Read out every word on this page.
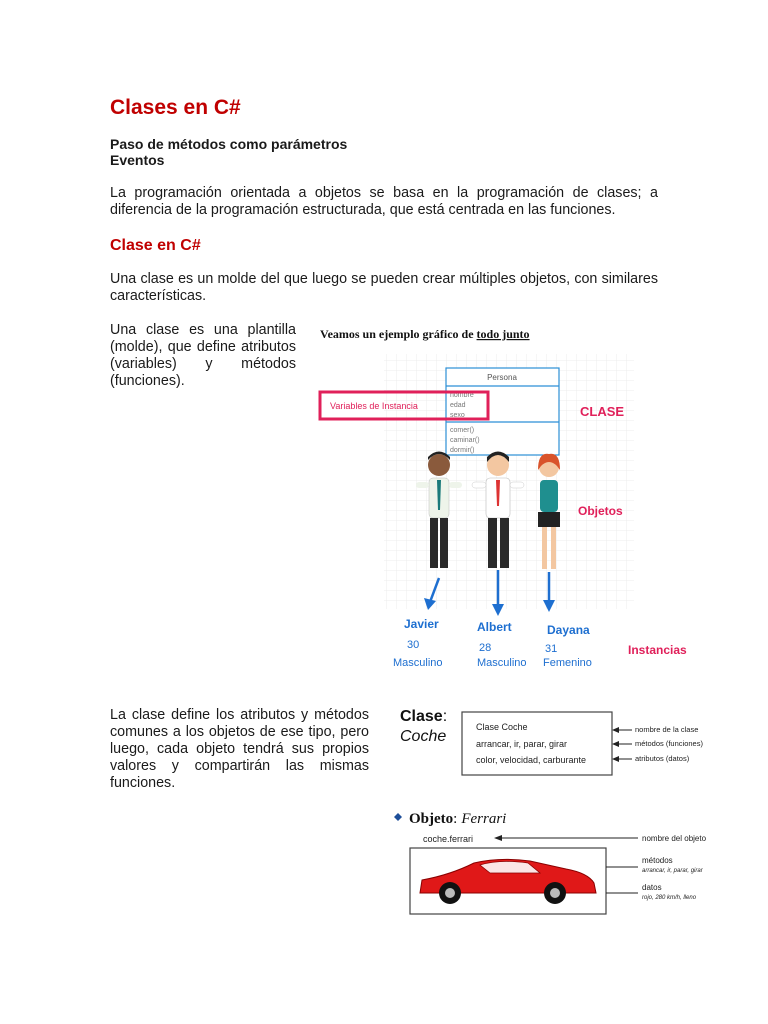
Clases en C#
Paso de métodos como parámetros
Eventos
La programación orientada a objetos se basa en la programación de clases; a diferencia de la programación estructurada, que está centrada en las funciones.
Clase en C#
Una clase es un molde del que luego se pueden crear múltiples objetos, con similares características.
Una clase es una plantilla (molde), que define atributos (variables) y métodos (funciones).
La clase define los atributos y métodos comunes a los objetos de ese tipo, pero luego, cada objeto tendrá sus propios valores y compartirán las mismas funciones.
Veamos un ejemplo gráfico de todo junto
Persona
nombre
edad
sexo
comer()
caminar()
dormir()
Variables de Instancia	CLASE
Objetos
Javier
30
Masculino
Albert
28
Masculino
Dayana
31
Femenino
Instancias
Clase:
Coche
Clase Coche
arrancar, ir, parar, girar
color, velocidad, carburante
nombre de la clase
métodos (funciones)
atributos (datos)
Objeto: Ferrari
coche.ferrari	nombre del objeto
métodos
arrancar, ir, parar, girar
datos
rojo, 280 km/h, lleno
